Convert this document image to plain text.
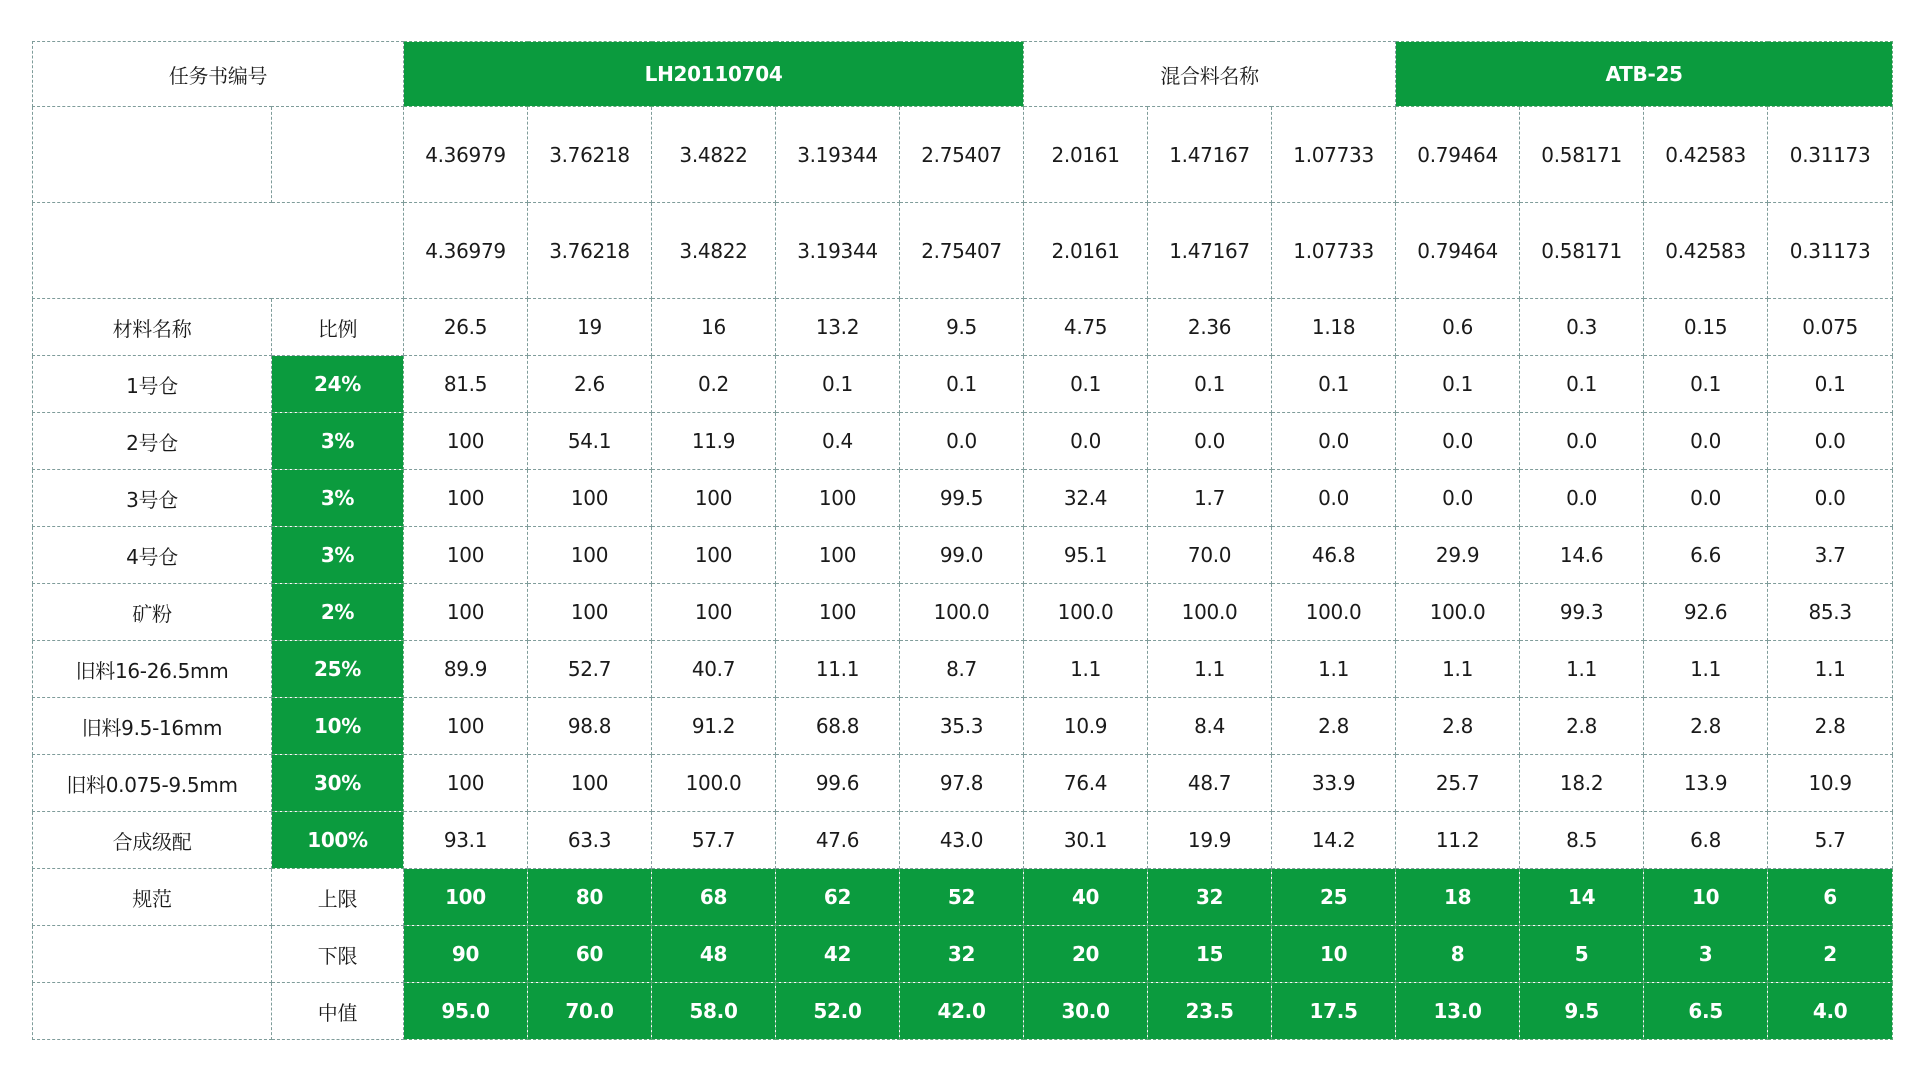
任务书编号		LH20110704					混合料名称			ATB-25			
		4.36979	3.76218	3.4822	3.19344	2.75407	2.0161	1.47167	1.07733	0.79464	0.58171	0.42583	0.31173
		4.36979	3.76218	3.4822	3.19344	2.75407	2.0161	1.47167	1.07733	0.79464	0.58171	0.42583	0.31173
材料名称	比例	26.5	19	16	13.2	9.5	4.75	2.36	1.18	0.6	0.3	0.15	0.075
1号仓	24%	81.5	2.6	0.2	0.1	0.1	0.1	0.1	0.1	0.1	0.1	0.1	0.1
2号仓	3%	100	54.1	11.9	0.4	0.0	0.0	0.0	0.0	0.0	0.0	0.0	0.0
3号仓	3%	100	100	100	100	99.5	32.4	1.7	0.0	0.0	0.0	0.0	0.0
4号仓	3%	100	100	100	100	99.0	95.1	70.0	46.8	29.9	14.6	6.6	3.7
矿粉	2%	100	100	100	100	100.0	100.0	100.0	100.0	100.0	99.3	92.6	85.3
旧料16-26.5mm	25%	89.9	52.7	40.7	11.1	8.7	1.1	1.1	1.1	1.1	1.1	1.1	1.1
旧料9.5-16mm	10%	100	98.8	91.2	68.8	35.3	10.9	8.4	2.8	2.8	2.8	2.8	2.8
旧料0.075-9.5mm	30%	100	100	100.0	99.6	97.8	76.4	48.7	33.9	25.7	18.2	13.9	10.9
合成级配	100%	93.1	63.3	57.7	47.6	43.0	30.1	19.9	14.2	11.2	8.5	6.8	5.7
规范	上限	100	80	68	62	52	40	32	25	18	14	10	6
	下限	90	60	48	42	32	20	15	10	8	5	3	2
	中值	95.0	70.0	58.0	52.0	42.0	30.0	23.5	17.5	13.0	9.5	6.5	4.0
